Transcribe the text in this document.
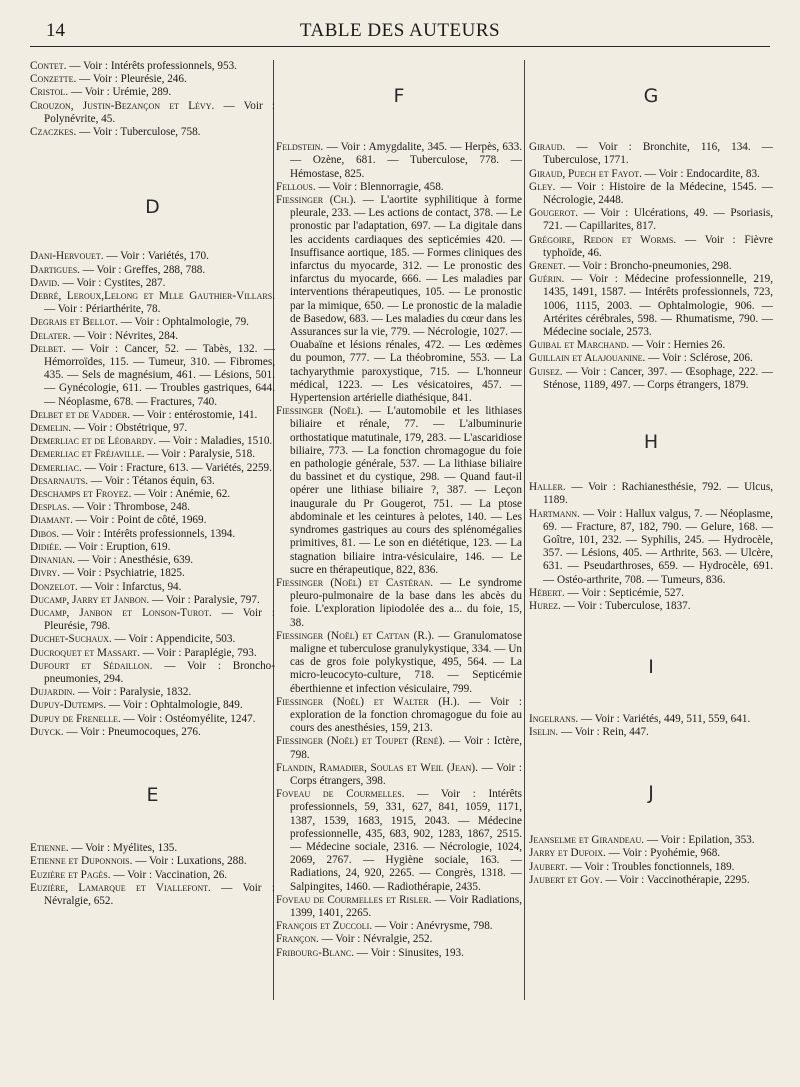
14	TABLE DES AUTEURS

Contet. — Voir : Intérêts professionnels, 953.

Conzette. — Voir : Pleurésie, 246.

Cristol. — Voir : Urémie, 289.

Crouzon, Justin-Bezançon et Lévy. — Voir : Polynévrite, 45.

Czaczkes. — Voir : Tuberculose, 758.

D

Dani-Hervouet. — Voir : Variétés, 170.

Dartigues. — Voir : Greffes, 288, 788.

David. — Voir : Cystites, 287.

Debré, Leroux,Lelong et Mlle Gauthier-Villars. — Voir : Périarthérite, 78.

Degrais et Bellot. — Voir : Ophtalmologie, 79.

Delater. — Voir : Névrites, 284.

Delbet. — Voir : Cancer, 52. — Tabès, 132. — Hémorroïdes, 115. — Tumeur, 310. — Fibromes, 435. — Sels de magnésium, 461. — Lésions, 501. — Gynécologie, 611. — Troubles gastriques, 644. — Néoplasme, 678. — Fractures, 740.

Delbet et de Vadder. — Voir : entérostomie, 141.

Demelin. — Voir : Obstétrique, 97.

Demerliac et de Léobardy. — Voir : Maladies, 1510.

Demerliac et Fréjaville. — Voir : Paralysie, 518.

Demerliac. — Voir : Fracture, 613. — Variétés, 2259.

Desarnauts. — Voir : Tétanos équin, 63.

Deschamps et Froyez. — Voir : Anémie, 62.

Desplas. — Voir : Thrombose, 248.

Diamant. — Voir : Point de côté, 1969.

Dibos. — Voir : Intérêts professionnels, 1394.

Didiée. — Voir : Eruption, 619.

Dinanian. — Voir : Anesthésie, 639.

Divry. — Voir : Psychiatrie, 1825.

Donzelot. — Voir : Infarctus, 94.

Ducamp, Jarry et Janbon. — Voir : Paralysie, 797.

Ducamp, Janbon et Lonson-Turot. — Voir : Pleurésie, 798.

Duchet-Suchaux. — Voir : Appendicite, 503.

Ducroquet et Massart. — Voir : Paraplégie, 793.

Dufourt et Sédaillon. — Voir : Broncho-pneumonies, 294.

Dujardin. — Voir : Paralysie, 1832.

Dupuy-Dutemps. — Voir : Ophtalmologie, 849.

Dupuy de Frenelle. — Voir : Ostéomyélite, 1247.

Duyck. — Voir : Pneumocoques, 276.

E

Etienne. — Voir : Myélites, 135.

Etienne et Duponnois. — Voir : Luxations, 288.

Euzière et Pagès. — Voir : Vaccination, 26.

Euzière, Lamarque et Viallefont. — Voir : Névralgie, 652.

F

Feldstein. — Voir : Amygdalite, 345. — Herpès, 633. — Ozène, 681. — Tuberculose, 778. — Hémostase, 825.

Fellous. — Voir : Blennorragie, 458.

Fiessinger (Ch.). — L'aortite syphilitique à forme pleurale, 233. — Les actions de contact, 378. — Le pronostic par l'adaptation, 697. — La digitale dans les accidents cardiaques des septicémies 420. — Insuffisance aortique, 185. — Formes cliniques des infarctus du myocarde, 312. — Le pronostic des infarctus du myocarde, 666. — Les maladies par interventions thérapeutiques, 105. — Le pronostic par la mimique, 650. — Le pronostic de la maladie de Basedow, 683. — Les maladies du cœur dans les Assurances sur la vie, 779. — Nécrologie, 1027. — Ouabaïne et lésions rénales, 472. — Les œdèmes du poumon, 777. — La théobromine, 553. — La tachyarythmie paroxystique, 715. — L'honneur médical, 1223. — Les vésicatoires, 457. — Hypertension artérielle diathésique, 841.

Fiessinger (Noël). — L'automobile et les lithiases biliaire et rénale, 77. — L'albuminurie orthostatique matutinale, 179, 283. — L'ascaridiose biliaire, 773. — La fonction chromagogue du foie en pathologie générale, 537. — La lithiase biliaire du bassinet et du cystique, 298. — Quand faut-il opérer une lithiase biliaire ?, 387. — Leçon inaugurale du Pr Gougerot, 751. — La ptose abdominale et les ceintures à pelotes, 140. — Les syndromes gastriques au cours des splénomégalies primitives, 81. — Le son en diététique, 123. — La stagnation biliaire intra-vésiculaire, 146. — Le sucre en thérapeutique, 822, 836.

Fiessinger (Noël) et Castéran. — Le syndrome pleuro-pulmonaire de la base dans les abcès du foie. L'exploration lipiodolée des a... du foie, 15, 38.

Fiessinger (Noël) et Cattan (R.). — Granulomatose maligne et tuberculose granulykystique, 334. — Un cas de gros foie polykystique, 495, 564. — La micro-leucocyto-culture, 718. — Septicémie éberthienne et infection vésiculaire, 799.

Fiessinger (Noël) et Walter (H.). — Voir : exploration de la fonction chromagogue du foie au cours des anesthésies, 159, 213.

Fiessinger (Noël) et Toupet (René). — Voir : Ictère, 798.

Flandin, Ramadier, Soulas et Weil (Jean). — Voir : Corps étrangers, 398.

Foveau de Courmelles. — Voir : Intérêts professionnels, 59, 331, 627, 841, 1059, 1171, 1387, 1539, 1683, 1915, 2043. — Médecine professionnelle, 435, 683, 902, 1283, 1867, 2515. — Médecine sociale, 2316. — Nécrologie, 1024, 2069, 2767. — Hygiène sociale, 163. — Radiations, 24, 920, 2265. — Congrès, 1318. — Salpingites, 1460. — Radiothérapie, 2435.

Foveau de Courmelles et Risler. — Voir Radiations, 1399, 1401, 2265.

François et Zuccoli. — Voir : Anévrysme, 798.

Françon. — Voir : Névralgie, 252.

Fribourg-Blanc. — Voir : Sinusites, 193.

G

Giraud. — Voir : Bronchite, 116, 134. — Tuberculose, 1771.

Giraud, Puech et Fayot. — Voir : Endocardite, 83.

Gley. — Voir : Histoire de la Médecine, 1545. — Nécrologie, 2448.

Gougerot. — Voir : Ulcérations, 49. — Psoriasis, 721. — Capillarites, 817.

Grégoire, Redon et Worms. — Voir : Fièvre typhoïde, 46.

Grenet. — Voir : Broncho-pneumonies, 298.

Guérin. — Voir : Médecine professionnelle, 219, 1435, 1491, 1587. — Intérêts professionnels, 723, 1006, 1115, 2003. — Ophtalmologie, 906. — Artérites cérébrales, 598. — Rhumatisme, 790. — Médecine sociale, 2573.

Guibal et Marchand. — Voir : Hernies 26.

Guillain et Alajouanine. — Voir : Sclérose, 206.

Guisez. — Voir : Cancer, 397. — Œsophage, 222. — Sténose, 1189, 497. — Corps étrangers, 1879.

H

Haller. — Voir : Rachianesthésie, 792. — Ulcus, 1189.

Hartmann. — Voir : Hallux valgus, 7. — Néoplasme, 69. — Fracture, 87, 182, 790. — Gelure, 168. — Goître, 101, 232. — Syphilis, 245. — Hydrocèle, 357. — Lésions, 405. — Arthrite, 563. — Ulcère, 631. — Pseudarthroses, 659. — Hydrocèle, 691. — Ostéo-arthrite, 708. — Tumeurs, 836.

Hébert. — Voir : Septicémie, 527.

Hurez. — Voir : Tuberculose, 1837.

I

Ingelrans. — Voir : Variétés, 449, 511, 559, 641.

Iselin. — Voir : Rein, 447.

J

Jeanselme et Girandeau. — Voir : Epilation, 353.

Jarry et Dufoix. — Voir : Pyohémie, 968.

Jaubert. — Voir : Troubles fonctionnels, 189.

Jaubert et Goy. — Voir : Vaccinothérapie, 2295.
